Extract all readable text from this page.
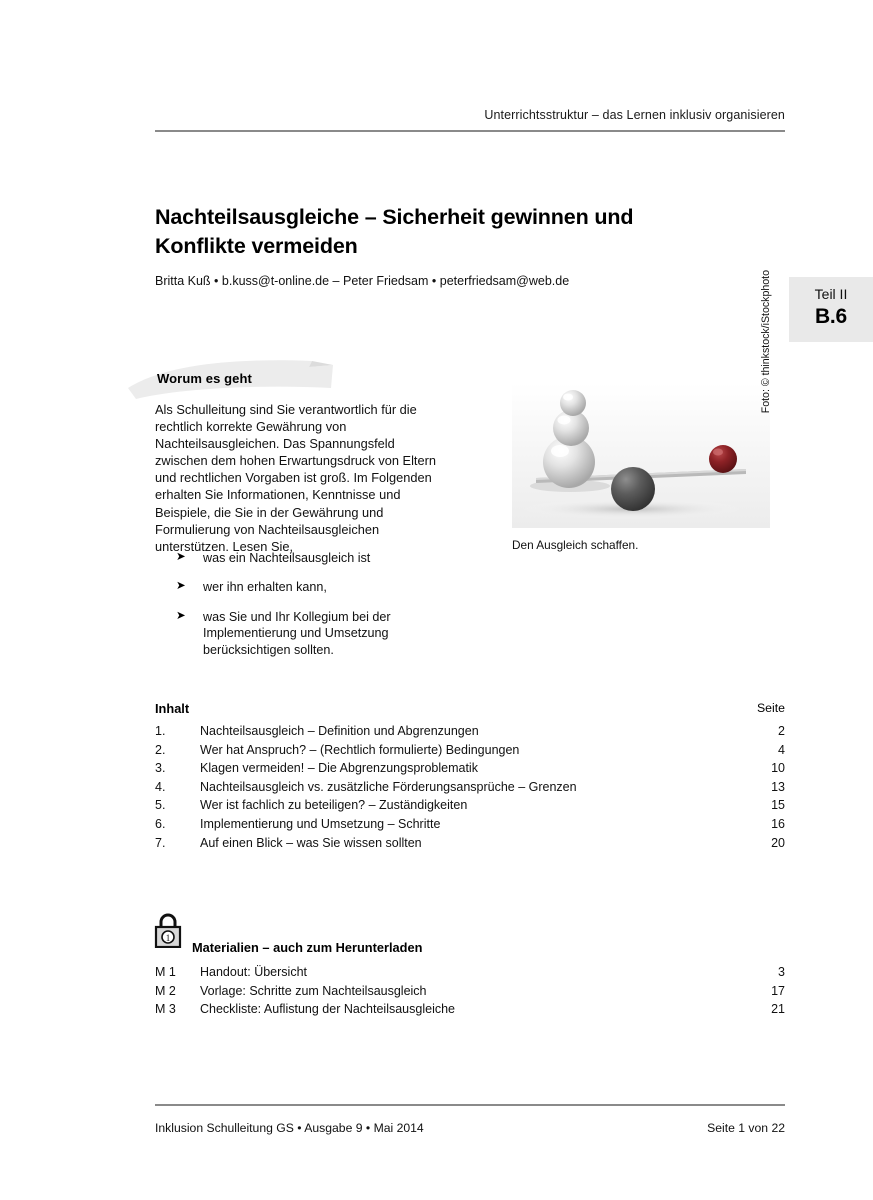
Unterrichtsstruktur – das Lernen inklusiv organisieren
Nachteilsausgleiche – Sicherheit gewinnen und
Konflikte vermeiden
Britta Kuß • b.kuss@t-online.de – Peter Friedsam • peterfriedsam@web.de
Teil II
B.6
Worum es geht
Als Schulleitung sind Sie verantwortlich für die rechtlich korrekte Gewährung von Nachteilsausgleichen. Das Spannungsfeld zwischen dem hohen Erwartungsdruck von Eltern und rechtlichen Vorgaben ist groß. Im Folgenden erhalten Sie Informationen, Kenntnisse und Beispiele, die Sie in der Gewährung und Formulierung von Nachteilsausgleichen unterstützen. Lesen Sie,
➤ was ein Nachteilsausgleich ist
➤ wer ihn erhalten kann,
➤ was Sie und Ihr Kollegium bei der Implementierung und Umsetzung berücksichtigen sollten.
Den Ausgleich schaffen.
Foto: © thinkstock/iStockphoto
Inhalt	Seite
1.	Nachteilsausgleich – Definition und Abgrenzungen	2
2.	Wer hat Anspruch? – (Rechtlich formulierte) Bedingungen	4
3.	Klagen vermeiden! – Die Abgrenzungsproblematik	10
4.	Nachteilsausgleich vs. zusätzliche Förderungsansprüche – Grenzen	13
5.	Wer ist fachlich zu beteiligen? – Zuständigkeiten	15
6.	Implementierung und Umsetzung – Schritte	16
7.	Auf einen Blick – was Sie wissen sollten	20
1
Materialien – auch zum Herunterladen
M 1	Handout: Übersicht	3
M 2	Vorlage: Schritte zum Nachteilsausgleich	17
M 3	Checkliste: Auflistung der Nachteilsausgleiche	21
Inklusion Schulleitung GS • Ausgabe 9 • Mai 2014	Seite 1 von 22
